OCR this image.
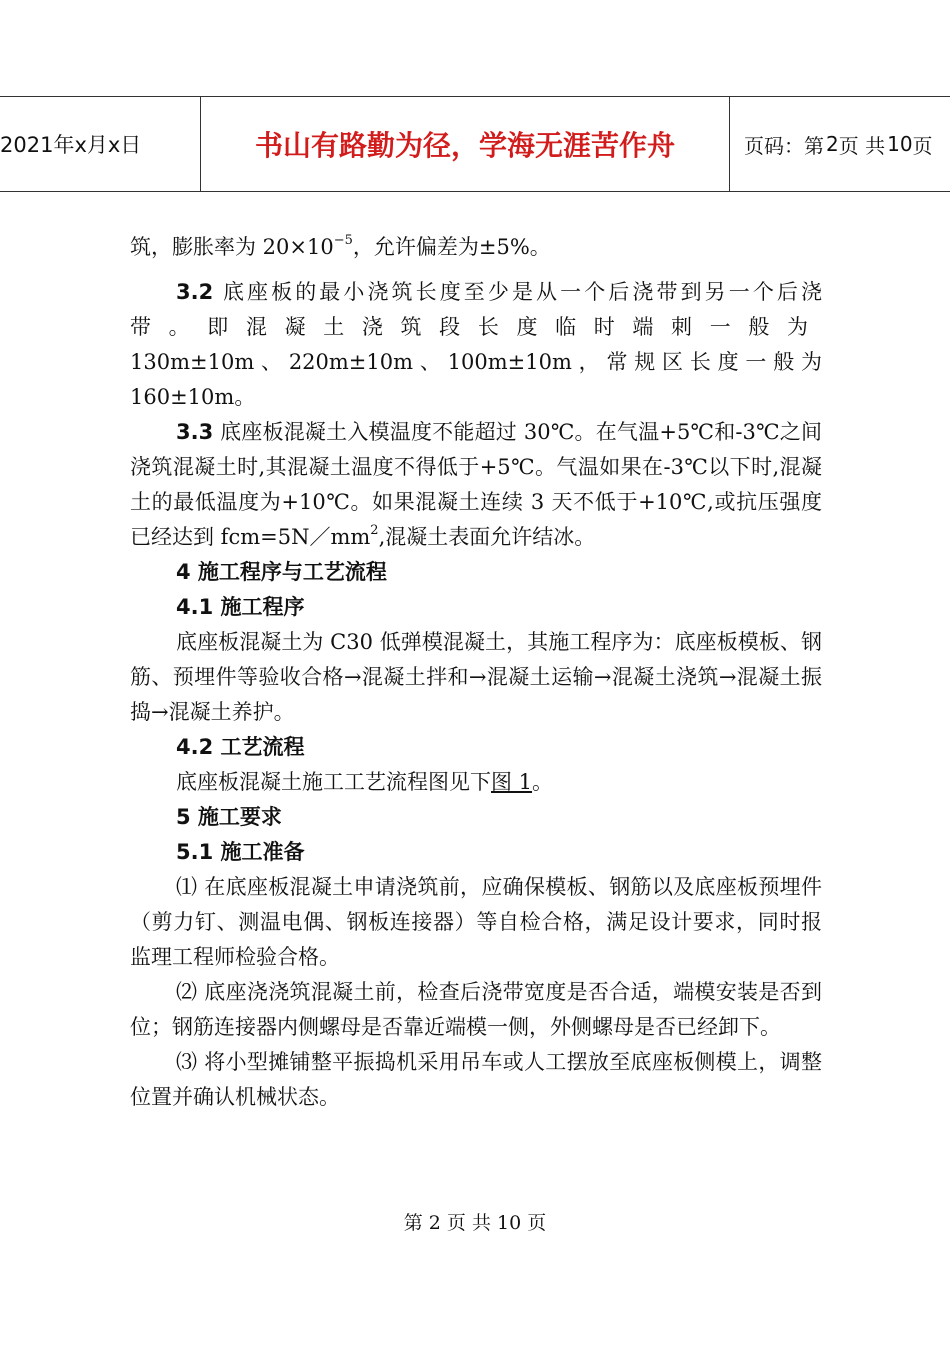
2021年x月x日	书山有路勤为径，学海无涯苦作舟	页码：第 2 页 共 10 页

筑，膨胀率为 $20\times 10^{-5}$，允许偏差为±5%。

3.2 底座板的最小浇筑长度至少是从一个后浇带到另一个后浇

带。即混凝土浇筑段长度临时端刺一般为

130m±10m、220m±10m、100m±10m，常规区长度一般为

160±10m。

3.3 底座板混凝土入模温度不能超过 30℃。在气温+5℃和-3℃之间浇筑混凝土时,其混凝土温度不得低于+5℃。气温如果在-3℃以下时,混凝土的最低温度为+10℃。如果混凝土连续 3 天不低于+10℃,或抗压强度已经达到 $fcm=5N/mm^2$,混凝土表面允许结冰。

4 施工程序与工艺流程

4.1 施工程序

底座板混凝土为 C30 低弹模混凝土，其施工程序为：底座板模板、钢筋、预埋件等验收合格→混凝土拌和→混凝土运输→混凝土浇筑→混凝土振捣→混凝土养护。

4.2 工艺流程

底座板混凝土施工工艺流程图见下图 1。

5 施工要求

5.1 施工准备

⑴ 在底座板混凝土申请浇筑前，应确保模板、钢筋以及底座板预埋件（剪力钉、测温电偶、钢板连接器）等自检合格，满足设计要求，同时报监理工程师检验合格。

⑵ 底座浇浇筑混凝土前，检查后浇带宽度是否合适，端模安装是否到位；钢筋连接器内侧螺母是否靠近端模一侧，外侧螺母是否已经卸下。

⑶ 将小型摊铺整平振捣机采用吊车或人工摆放至底座板侧模上，调整位置并确认机械状态。

第 2 页 共 10 页
